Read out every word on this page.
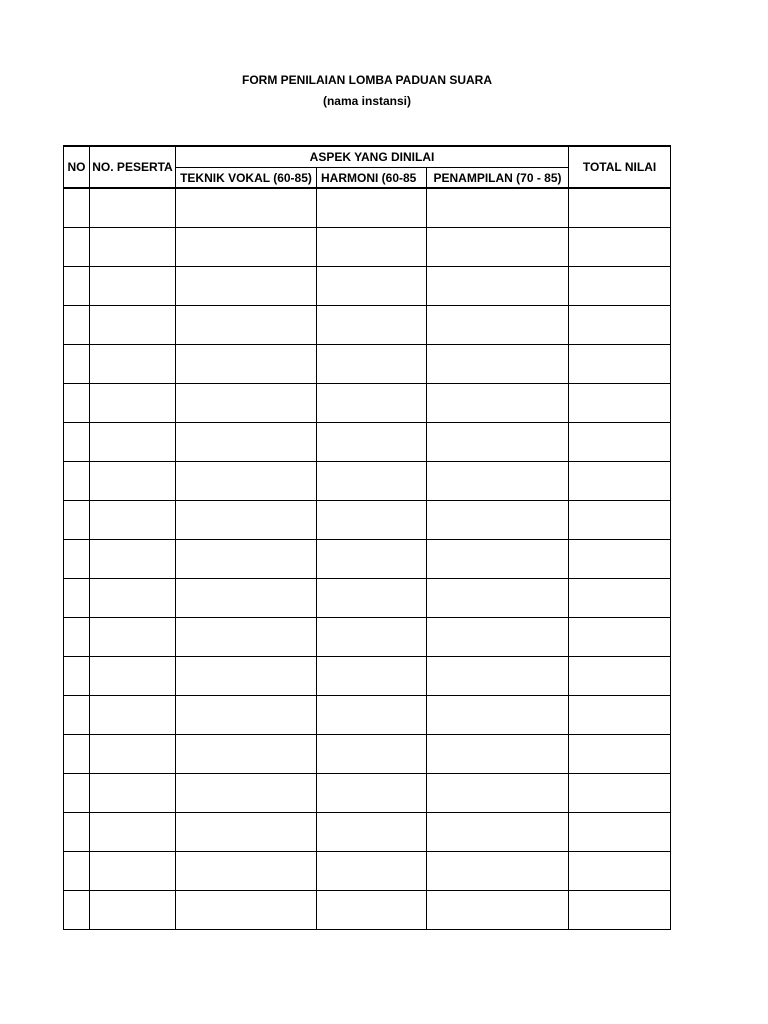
FORM PENILAIAN LOMBA PADUAN SUARA
(nama instansi)
NO	NO. PESERTA	ASPEK YANG DINILAI			TOTAL NILAI
		TEKNIK VOKAL (60-85)	HARMONI (60-85	PENAMPILAN (70 - 85)	
